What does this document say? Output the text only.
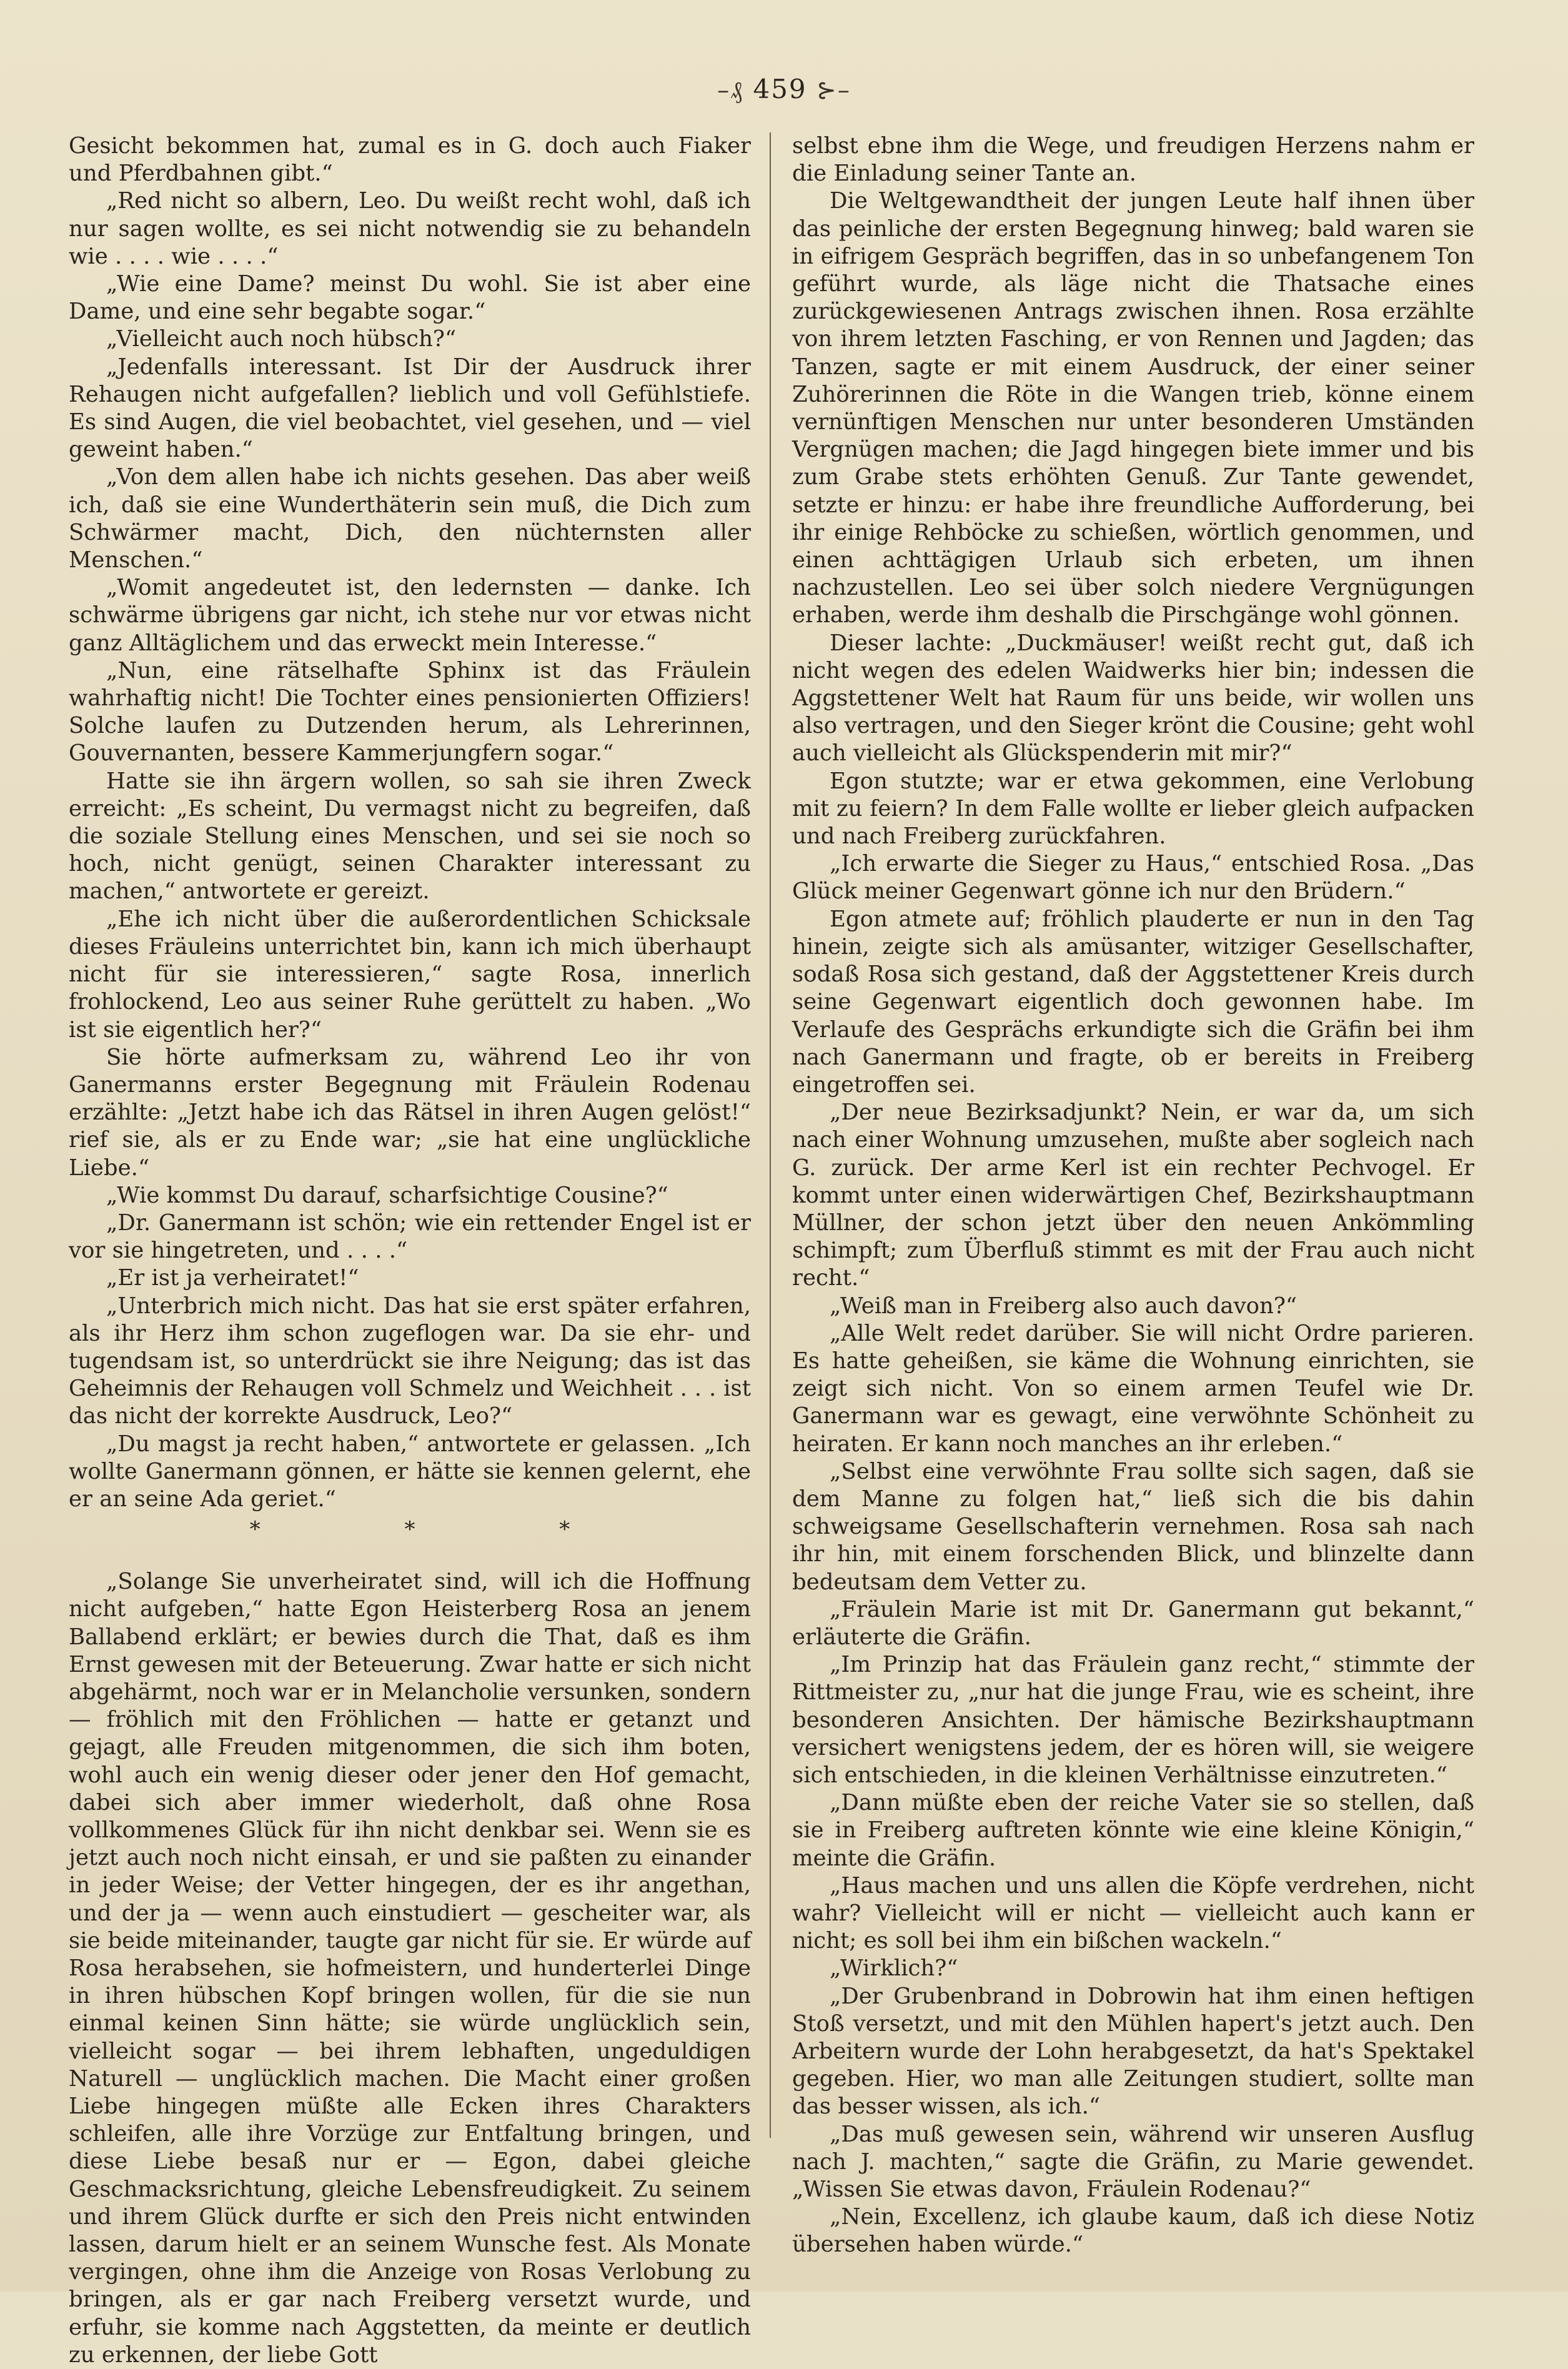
–₰ 459 ⊱–

Gesicht bekommen hat, zumal es in G. doch auch Fiaker und Pferdbahnen gibt.“

„Red nicht so albern, Leo. Du weißt recht wohl, daß ich nur sagen wollte, es sei nicht notwendig sie zu behandeln wie . . . . wie . . . .“

„Wie eine Dame? meinst Du wohl. Sie ist aber eine Dame, und eine sehr begabte sogar.“

„Vielleicht auch noch hübsch?“

„Jedenfalls interessant. Ist Dir der Ausdruck ihrer Rehaugen nicht aufgefallen? lieblich und voll Gefühlstiefe. Es sind Augen, die viel beobachtet, viel gesehen, und — viel geweint haben.“

„Von dem allen habe ich nichts gesehen. Das aber weiß ich, daß sie eine Wunderthäterin sein muß, die Dich zum Schwärmer macht, Dich, den nüchternsten aller Menschen.“

„Womit angedeutet ist, den ledernsten — danke. Ich schwärme übrigens gar nicht, ich stehe nur vor etwas nicht ganz Alltäglichem und das erweckt mein Interesse.“

„Nun, eine rätselhafte Sphinx ist das Fräulein wahrhaftig nicht! Die Tochter eines pensionierten Offiziers! Solche laufen zu Dutzenden herum, als Lehrerinnen, Gouvernanten, bessere Kammerjungfern sogar.“

Hatte sie ihn ärgern wollen, so sah sie ihren Zweck erreicht: „Es scheint, Du vermagst nicht zu begreifen, daß die soziale Stellung eines Menschen, und sei sie noch so hoch, nicht genügt, seinen Charakter interessant zu machen,“ antwortete er gereizt.

„Ehe ich nicht über die außerordentlichen Schicksale dieses Fräuleins unterrichtet bin, kann ich mich überhaupt nicht für sie interessieren,“ sagte Rosa, innerlich frohlockend, Leo aus seiner Ruhe gerüttelt zu haben. „Wo ist sie eigentlich her?“

Sie hörte aufmerksam zu, während Leo ihr von Ganermanns erster Begegnung mit Fräulein Rodenau erzählte: „Jetzt habe ich das Rätsel in ihren Augen gelöst!“ rief sie, als er zu Ende war; „sie hat eine unglückliche Liebe.“

„Wie kommst Du darauf, scharfsichtige Cousine?“

„Dr. Ganermann ist schön; wie ein rettender Engel ist er vor sie hingetreten, und . . . .“

„Er ist ja verheiratet!“

„Unterbrich mich nicht. Das hat sie erst später erfahren, als ihr Herz ihm schon zugeflogen war. Da sie ehr- und tugendsam ist, so unterdrückt sie ihre Neigung; das ist das Geheimnis der Rehaugen voll Schmelz und Weichheit . . . ist das nicht der korrekte Ausdruck, Leo?“

„Du magst ja recht haben,“ antwortete er gelassen. „Ich wollte Ganermann gönnen, er hätte sie kennen gelernt, ehe er an seine Ada geriet.“

* * *

„Solange Sie unverheiratet sind, will ich die Hoffnung nicht aufgeben,“ hatte Egon Heisterberg Rosa an jenem Ballabend erklärt; er bewies durch die That, daß es ihm Ernst gewesen mit der Beteuerung. Zwar hatte er sich nicht abgehärmt, noch war er in Melancholie versunken, sondern — fröhlich mit den Fröhlichen — hatte er getanzt und gejagt, alle Freuden mitgenommen, die sich ihm boten, wohl auch ein wenig dieser oder jener den Hof gemacht, dabei sich aber immer wiederholt, daß ohne Rosa vollkommenes Glück für ihn nicht denkbar sei. Wenn sie es jetzt auch noch nicht einsah, er und sie paßten zu einander in jeder Weise; der Vetter hingegen, der es ihr angethan, und der ja — wenn auch einstudiert — gescheiter war, als sie beide miteinander, taugte gar nicht für sie. Er würde auf Rosa herabsehen, sie hofmeistern, und hunderterlei Dinge in ihren hübschen Kopf bringen wollen, für die sie nun einmal keinen Sinn hätte; sie würde unglücklich sein, vielleicht sogar — bei ihrem lebhaften, ungeduldigen Naturell — unglücklich machen. Die Macht einer großen Liebe hingegen müßte alle Ecken ihres Charakters schleifen, alle ihre Vorzüge zur Entfaltung bringen, und diese Liebe besaß nur er — Egon, dabei gleiche Geschmacksrichtung, gleiche Lebensfreudigkeit. Zu seinem und ihrem Glück durfte er sich den Preis nicht entwinden lassen, darum hielt er an seinem Wunsche fest. Als Monate vergingen, ohne ihm die Anzeige von Rosas Verlobung zu bringen, als er gar nach Freiberg versetzt wurde, und erfuhr, sie komme nach Aggstetten, da meinte er deutlich zu erkennen, der liebe Gott

selbst ebne ihm die Wege, und freudigen Herzens nahm er die Einladung seiner Tante an.

Die Weltgewandtheit der jungen Leute half ihnen über das peinliche der ersten Begegnung hinweg; bald waren sie in eifrigem Gespräch begriffen, das in so unbefangenem Ton geführt wurde, als läge nicht die Thatsache eines zurückgewiesenen Antrags zwischen ihnen. Rosa erzählte von ihrem letzten Fasching, er von Rennen und Jagden; das Tanzen, sagte er mit einem Ausdruck, der einer seiner Zuhörerinnen die Röte in die Wangen trieb, könne einem vernünftigen Menschen nur unter besonderen Umständen Vergnügen machen; die Jagd hingegen biete immer und bis zum Grabe stets erhöhten Genuß. Zur Tante gewendet, setzte er hinzu: er habe ihre freundliche Aufforderung, bei ihr einige Rehböcke zu schießen, wörtlich genommen, und einen achttägigen Urlaub sich erbeten, um ihnen nachzustellen. Leo sei über solch niedere Vergnügungen erhaben, werde ihm deshalb die Pirschgänge wohl gönnen.

Dieser lachte: „Duckmäuser! weißt recht gut, daß ich nicht wegen des edelen Waidwerks hier bin; indessen die Aggstettener Welt hat Raum für uns beide, wir wollen uns also vertragen, und den Sieger krönt die Cousine; geht wohl auch vielleicht als Glückspenderin mit mir?“

Egon stutzte; war er etwa gekommen, eine Verlobung mit zu feiern? In dem Falle wollte er lieber gleich aufpacken und nach Freiberg zurückfahren.

„Ich erwarte die Sieger zu Haus,“ entschied Rosa. „Das Glück meiner Gegenwart gönne ich nur den Brüdern.“

Egon atmete auf; fröhlich plauderte er nun in den Tag hinein, zeigte sich als amüsanter, witziger Gesellschafter, sodaß Rosa sich gestand, daß der Aggstettener Kreis durch seine Gegenwart eigentlich doch gewonnen habe. Im Verlaufe des Gesprächs erkundigte sich die Gräfin bei ihm nach Ganermann und fragte, ob er bereits in Freiberg eingetroffen sei.

„Der neue Bezirksadjunkt? Nein, er war da, um sich nach einer Wohnung umzusehen, mußte aber sogleich nach G. zurück. Der arme Kerl ist ein rechter Pechvogel. Er kommt unter einen widerwärtigen Chef, Bezirkshauptmann Müllner, der schon jetzt über den neuen Ankömmling schimpft; zum Überfluß stimmt es mit der Frau auch nicht recht.“

„Weiß man in Freiberg also auch davon?“

„Alle Welt redet darüber. Sie will nicht Ordre parieren. Es hatte geheißen, sie käme die Wohnung einrichten, sie zeigt sich nicht. Von so einem armen Teufel wie Dr. Ganermann war es gewagt, eine verwöhnte Schönheit zu heiraten. Er kann noch manches an ihr erleben.“

„Selbst eine verwöhnte Frau sollte sich sagen, daß sie dem Manne zu folgen hat,“ ließ sich die bis dahin schweigsame Gesellschafterin vernehmen. Rosa sah nach ihr hin, mit einem forschenden Blick, und blinzelte dann bedeutsam dem Vetter zu.

„Fräulein Marie ist mit Dr. Ganermann gut bekannt,“ erläuterte die Gräfin.

„Im Prinzip hat das Fräulein ganz recht,“ stimmte der Rittmeister zu, „nur hat die junge Frau, wie es scheint, ihre besonderen Ansichten. Der hämische Bezirkshauptmann versichert wenigstens jedem, der es hören will, sie weigere sich entschieden, in die kleinen Verhältnisse einzutreten.“

„Dann müßte eben der reiche Vater sie so stellen, daß sie in Freiberg auftreten könnte wie eine kleine Königin,“ meinte die Gräfin.

„Haus machen und uns allen die Köpfe verdrehen, nicht wahr? Vielleicht will er nicht — vielleicht auch kann er nicht; es soll bei ihm ein bißchen wackeln.“

„Wirklich?“

„Der Grubenbrand in Dobrowin hat ihm einen heftigen Stoß versetzt, und mit den Mühlen hapert's jetzt auch. Den Arbeitern wurde der Lohn herabgesetzt, da hat's Spektakel gegeben. Hier, wo man alle Zeitungen studiert, sollte man das besser wissen, als ich.“

„Das muß gewesen sein, während wir unseren Ausflug nach J. machten,“ sagte die Gräfin, zu Marie gewendet. „Wissen Sie etwas davon, Fräulein Rodenau?“

„Nein, Excellenz, ich glaube kaum, daß ich diese Notiz übersehen haben würde.“
